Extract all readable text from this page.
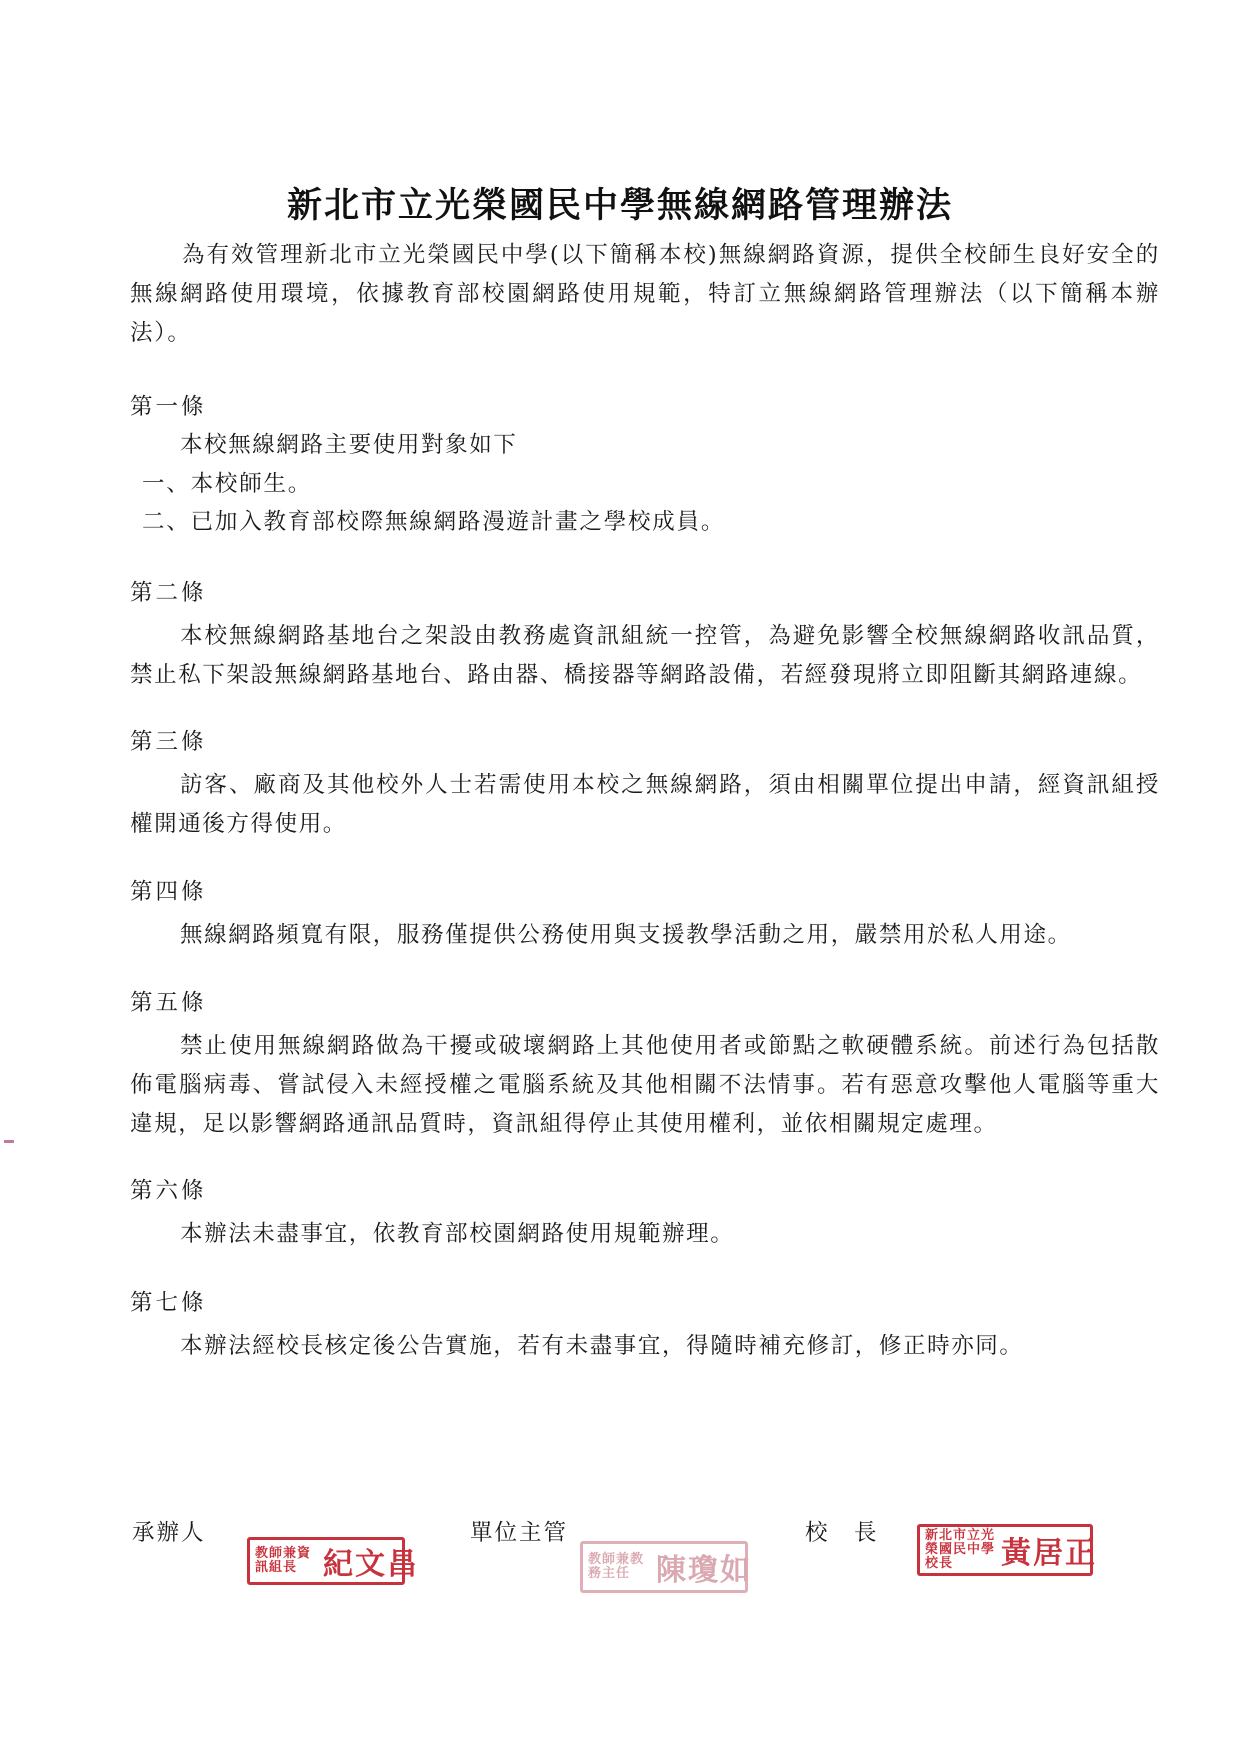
新北市立光榮國民中學無線網路管理辦法
為有效管理新北市立光榮國民中學(以下簡稱本校)無線網路資源，提供全校師生良好安全的無線網路使用環境，依據教育部校園網路使用規範，特訂立無線網路管理辦法（以下簡稱本辦法）。
第一條
本校無線網路主要使用對象如下
一、本校師生。
二、已加入教育部校際無線網路漫遊計畫之學校成員。
第二條
本校無線網路基地台之架設由教務處資訊組統一控管，為避免影響全校無線網路收訊品質，禁止私下架設無線網路基地台、路由器、橋接器等網路設備，若經發現將立即阻斷其網路連線。
第三條
訪客、廠商及其他校外人士若需使用本校之無線網路，須由相關單位提出申請，經資訊組授權開通後方得使用。
第四條
無線網路頻寬有限，服務僅提供公務使用與支援教學活動之用，嚴禁用於私人用途。
第五條
禁止使用無線網路做為干擾或破壞網路上其他使用者或節點之軟硬體系統。前述行為包括散佈電腦病毒、嘗試侵入未經授權之電腦系統及其他相關不法情事。若有惡意攻擊他人電腦等重大違規，足以影響網路通訊品質時，資訊組得停止其使用權利，並依相關規定處理。
第六條
本辦法未盡事宜，依教育部校園網路使用規範辦理。
第七條
本辦法經校長核定後公告實施，若有未盡事宜，得隨時補充修訂，修正時亦同。
承辦人
教師兼資訊組長 紀文昌
單位主管
教師兼教務主任 陳瓊如
校　長	新北市立光榮國民中學校長	黃居正
